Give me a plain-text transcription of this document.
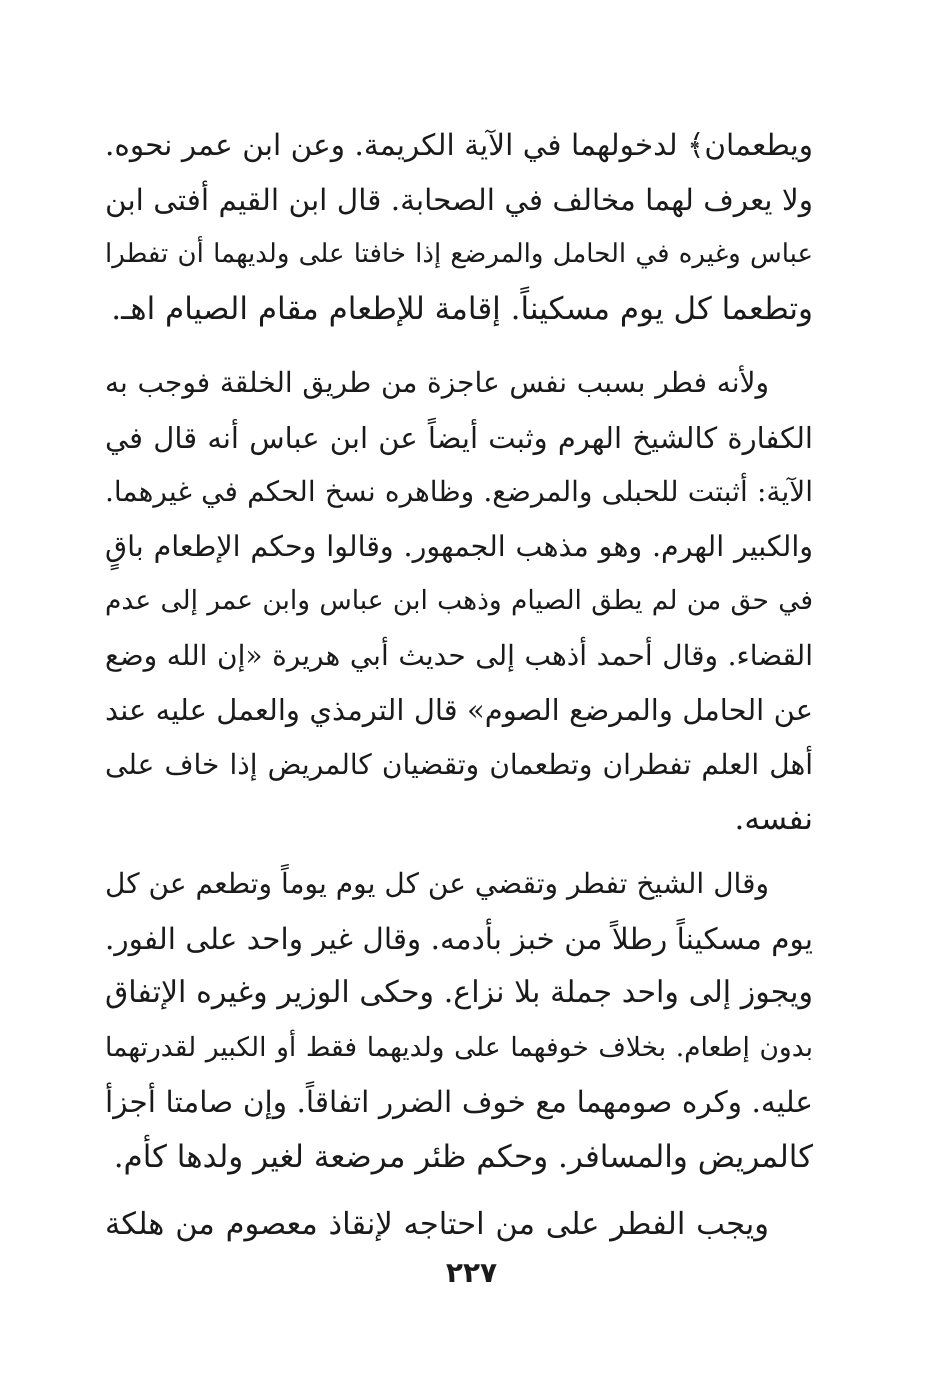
ويطعمان﴾ لدخولهما في الآية الكريمة. وعن ابن عمر نحوه.
ولا يعرف لهما مخالف في الصحابة. قال ابن القيم أفتى ابن
عباس وغيره في الحامل والمرضع إذا خافتا على ولديهما أن تفطرا
وتطعما كل يوم مسكيناً. إقامة للإطعام مقام الصيام اهـ.
ولأنه فطر بسبب نفس عاجزة من طريق الخلقة فوجب به
الكفارة كالشيخ الهرم وثبت أيضاً عن ابن عباس أنه قال في
الآية: أثبتت للحبلى والمرضع. وظاهره نسخ الحكم في غيرهما.
والكبير الهرم. وهو مذهب الجمهور. وقالوا وحكم الإطعام باقٍ
في حق من لم يطق الصيام وذهب ابن عباس وابن عمر إلى عدم
القضاء. وقال أحمد أذهب إلى حديث أبي هريرة «إن الله وضع
عن الحامل والمرضع الصوم» قال الترمذي والعمل عليه عند
أهل العلم تفطران وتطعمان وتقضيان كالمريض إذا خاف على
نفسه.
وقال الشيخ تفطر وتقضي عن كل يوم يوماً وتطعم عن كل
يوم مسكيناً رطلاً من خبز بأدمه. وقال غير واحد على الفور.
ويجوز إلى واحد جملة بلا نزاع. وحكى الوزير وغيره الإتفاق
بدون إطعام. بخلاف خوفهما على ولديهما فقط أو الكبير لقدرتهما
عليه. وكره صومهما مع خوف الضرر اتفاقاً. وإن صامتا أجزأ
كالمريض والمسافر. وحكم ظئر مرضعة لغير ولدها كأم.
ويجب الفطر على من احتاجه لإنقاذ معصوم من هلكة
٢٢٧
